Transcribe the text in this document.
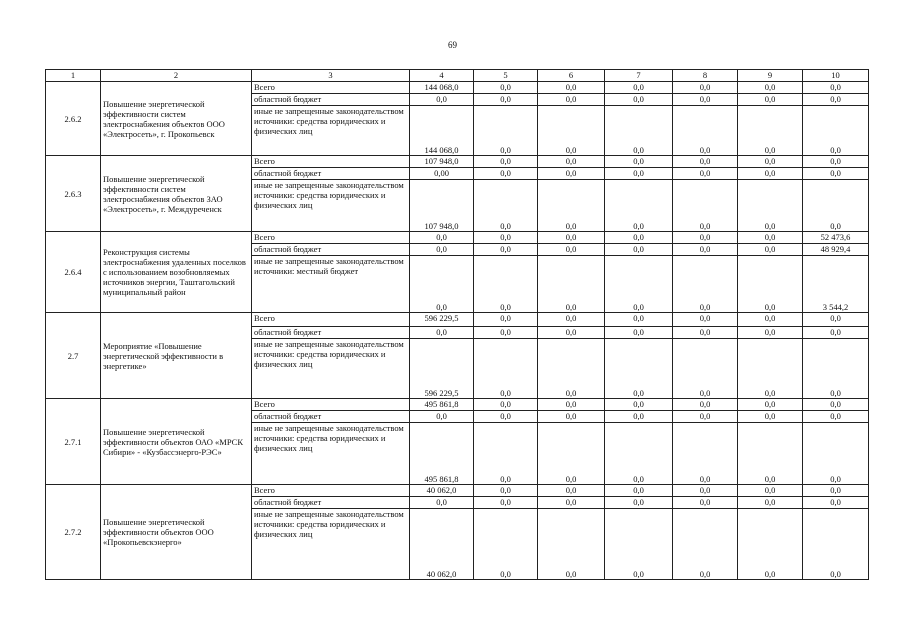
69
1	2	3	4	5	6	7	8	9	10
2.6.2	Повышение энергетической эффективности систем электроснабжения объектов ООО «Электросеть», г. Прокопьевск	Всего	144 068,0	0,0	0,0	0,0	0,0	0,0	0,0
		областной бюджет	0,0	0,0	0,0	0,0	0,0	0,0	0,0
		иные не запрещенные законодательством источники: средства юридических и физических лиц	144 068,0	0,0	0,0	0,0	0,0	0,0	0,0
2.6.3	Повышение энергетической эффективности систем электроснабжения объектов ЗАО «Электросеть», г. Междуреченск	Всего	107 948,0	0,0	0,0	0,0	0,0	0,0	0,0
		областной бюджет	0,00	0,0	0,0	0,0	0,0	0,0	0,0
		иные не запрещенные законодательством источники: средства юридических и физических лиц	107 948,0	0,0	0,0	0,0	0,0	0,0	0,0
2.6.4	Реконструкция системы электроснабжения удаленных поселков с использованием возобновляемых источников энергии, Таштагольский муниципальный район	Всего	0,0	0,0	0,0	0,0	0,0	0,0	52 473,6
		областной бюджет	0,0	0,0	0,0	0,0	0,0	0,0	48 929,4
		иные не запрещенные законодательством источники: местный бюджет	0,0	0,0	0,0	0,0	0,0	0,0	3 544,2
2.7	Мероприятие «Повышение энергетической эффективности в энергетике»	Всего	596 229,5	0,0	0,0	0,0	0,0	0,0	0,0
		областной бюджет	0,0	0,0	0,0	0,0	0,0	0,0	0,0
		иные не запрещенные законодательством источники: средства юридических и физических лиц	596 229,5	0,0	0,0	0,0	0,0	0,0	0,0
2.7.1	Повышение энергетической эффективности объектов ОАО «МРСК Сибири» - «Кузбассэнерго-РЭС»	Всего	495 861,8	0,0	0,0	0,0	0,0	0,0	0,0
		областной бюджет	0,0	0,0	0,0	0,0	0,0	0,0	0,0
		иные не запрещенные законодательством источники: средства юридических и физических лиц	495 861,8	0,0	0,0	0,0	0,0	0,0	0,0
2.7.2	Повышение энергетической эффективности объектов ООО «Прокопьевскэнерго»	Всего	40 062,0	0,0	0,0	0,0	0,0	0,0	0,0
		областной бюджет	0,0	0,0	0,0	0,0	0,0	0,0	0,0
		иные не запрещенные законодательством источники: средства юридических и физических лиц	40 062,0	0,0	0,0	0,0	0,0	0,0	0,0
